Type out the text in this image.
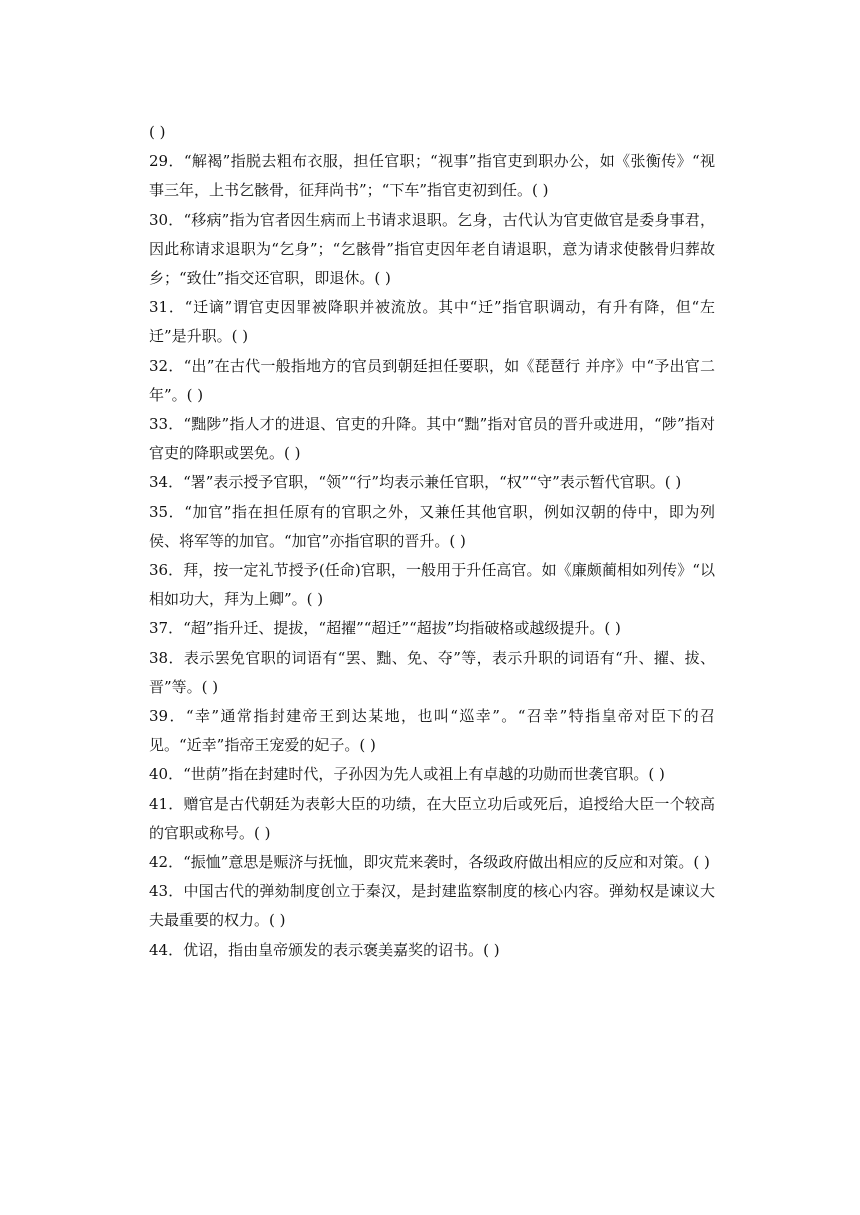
( )

29．“解褐”指脱去粗布衣服，担任官职；“视事”指官吏到职办公，如《张衡传》“视事三年，上书乞骸骨，征拜尚书”；“下车”指官吏初到任。( )

30．“移病”指为官者因生病而上书请求退职。乞身，古代认为官吏做官是委身事君，因此称请求退职为“乞身”；“乞骸骨”指官吏因年老自请退职，意为请求使骸骨归葬故乡；“致仕”指交还官职，即退休。( )

31．“迁谪”谓官吏因罪被降职并被流放。其中“迁”指官职调动，有升有降，但“左迁”是升职。( )

32．“出”在古代一般指地方的官员到朝廷担任要职，如《琵琶行 并序》中“予出官二年”。( )

33．“黜陟”指人才的进退、官吏的升降。其中“黜”指对官员的晋升或进用，“陟”指对官吏的降职或罢免。( )

34．“署”表示授予官职，“领”“行”均表示兼任官职，“权”“守”表示暂代官职。( )

35．“加官”指在担任原有的官职之外，又兼任其他官职，例如汉朝的侍中，即为列侯、将军等的加官。“加官”亦指官职的晋升。( )

36．拜，按一定礼节授予(任命)官职，一般用于升任高官。如《廉颇蔺相如列传》“以相如功大，拜为上卿”。( )

37．“超”指升迁、提拔，“超擢”“超迁”“超拔”均指破格或越级提升。( )

38．表示罢免官职的词语有“罢、黜、免、夺”等，表示升职的词语有“升、擢、拔、晋”等。( )

39．“幸”通常指封建帝王到达某地，也叫“巡幸”。“召幸”特指皇帝对臣下的召见。“近幸”指帝王宠爱的妃子。( )

40．“世荫”指在封建时代，子孙因为先人或祖上有卓越的功勋而世袭官职。( )

41．赠官是古代朝廷为表彰大臣的功绩，在大臣立功后或死后，追授给大臣一个较高的官职或称号。( )

42．“振恤”意思是赈济与抚恤，即灾荒来袭时，各级政府做出相应的反应和对策。( )

43．中国古代的弹劾制度创立于秦汉，是封建监察制度的核心内容。弹劾权是谏议大夫最重要的权力。( )

44．优诏，指由皇帝颁发的表示褒美嘉奖的诏书。( )
